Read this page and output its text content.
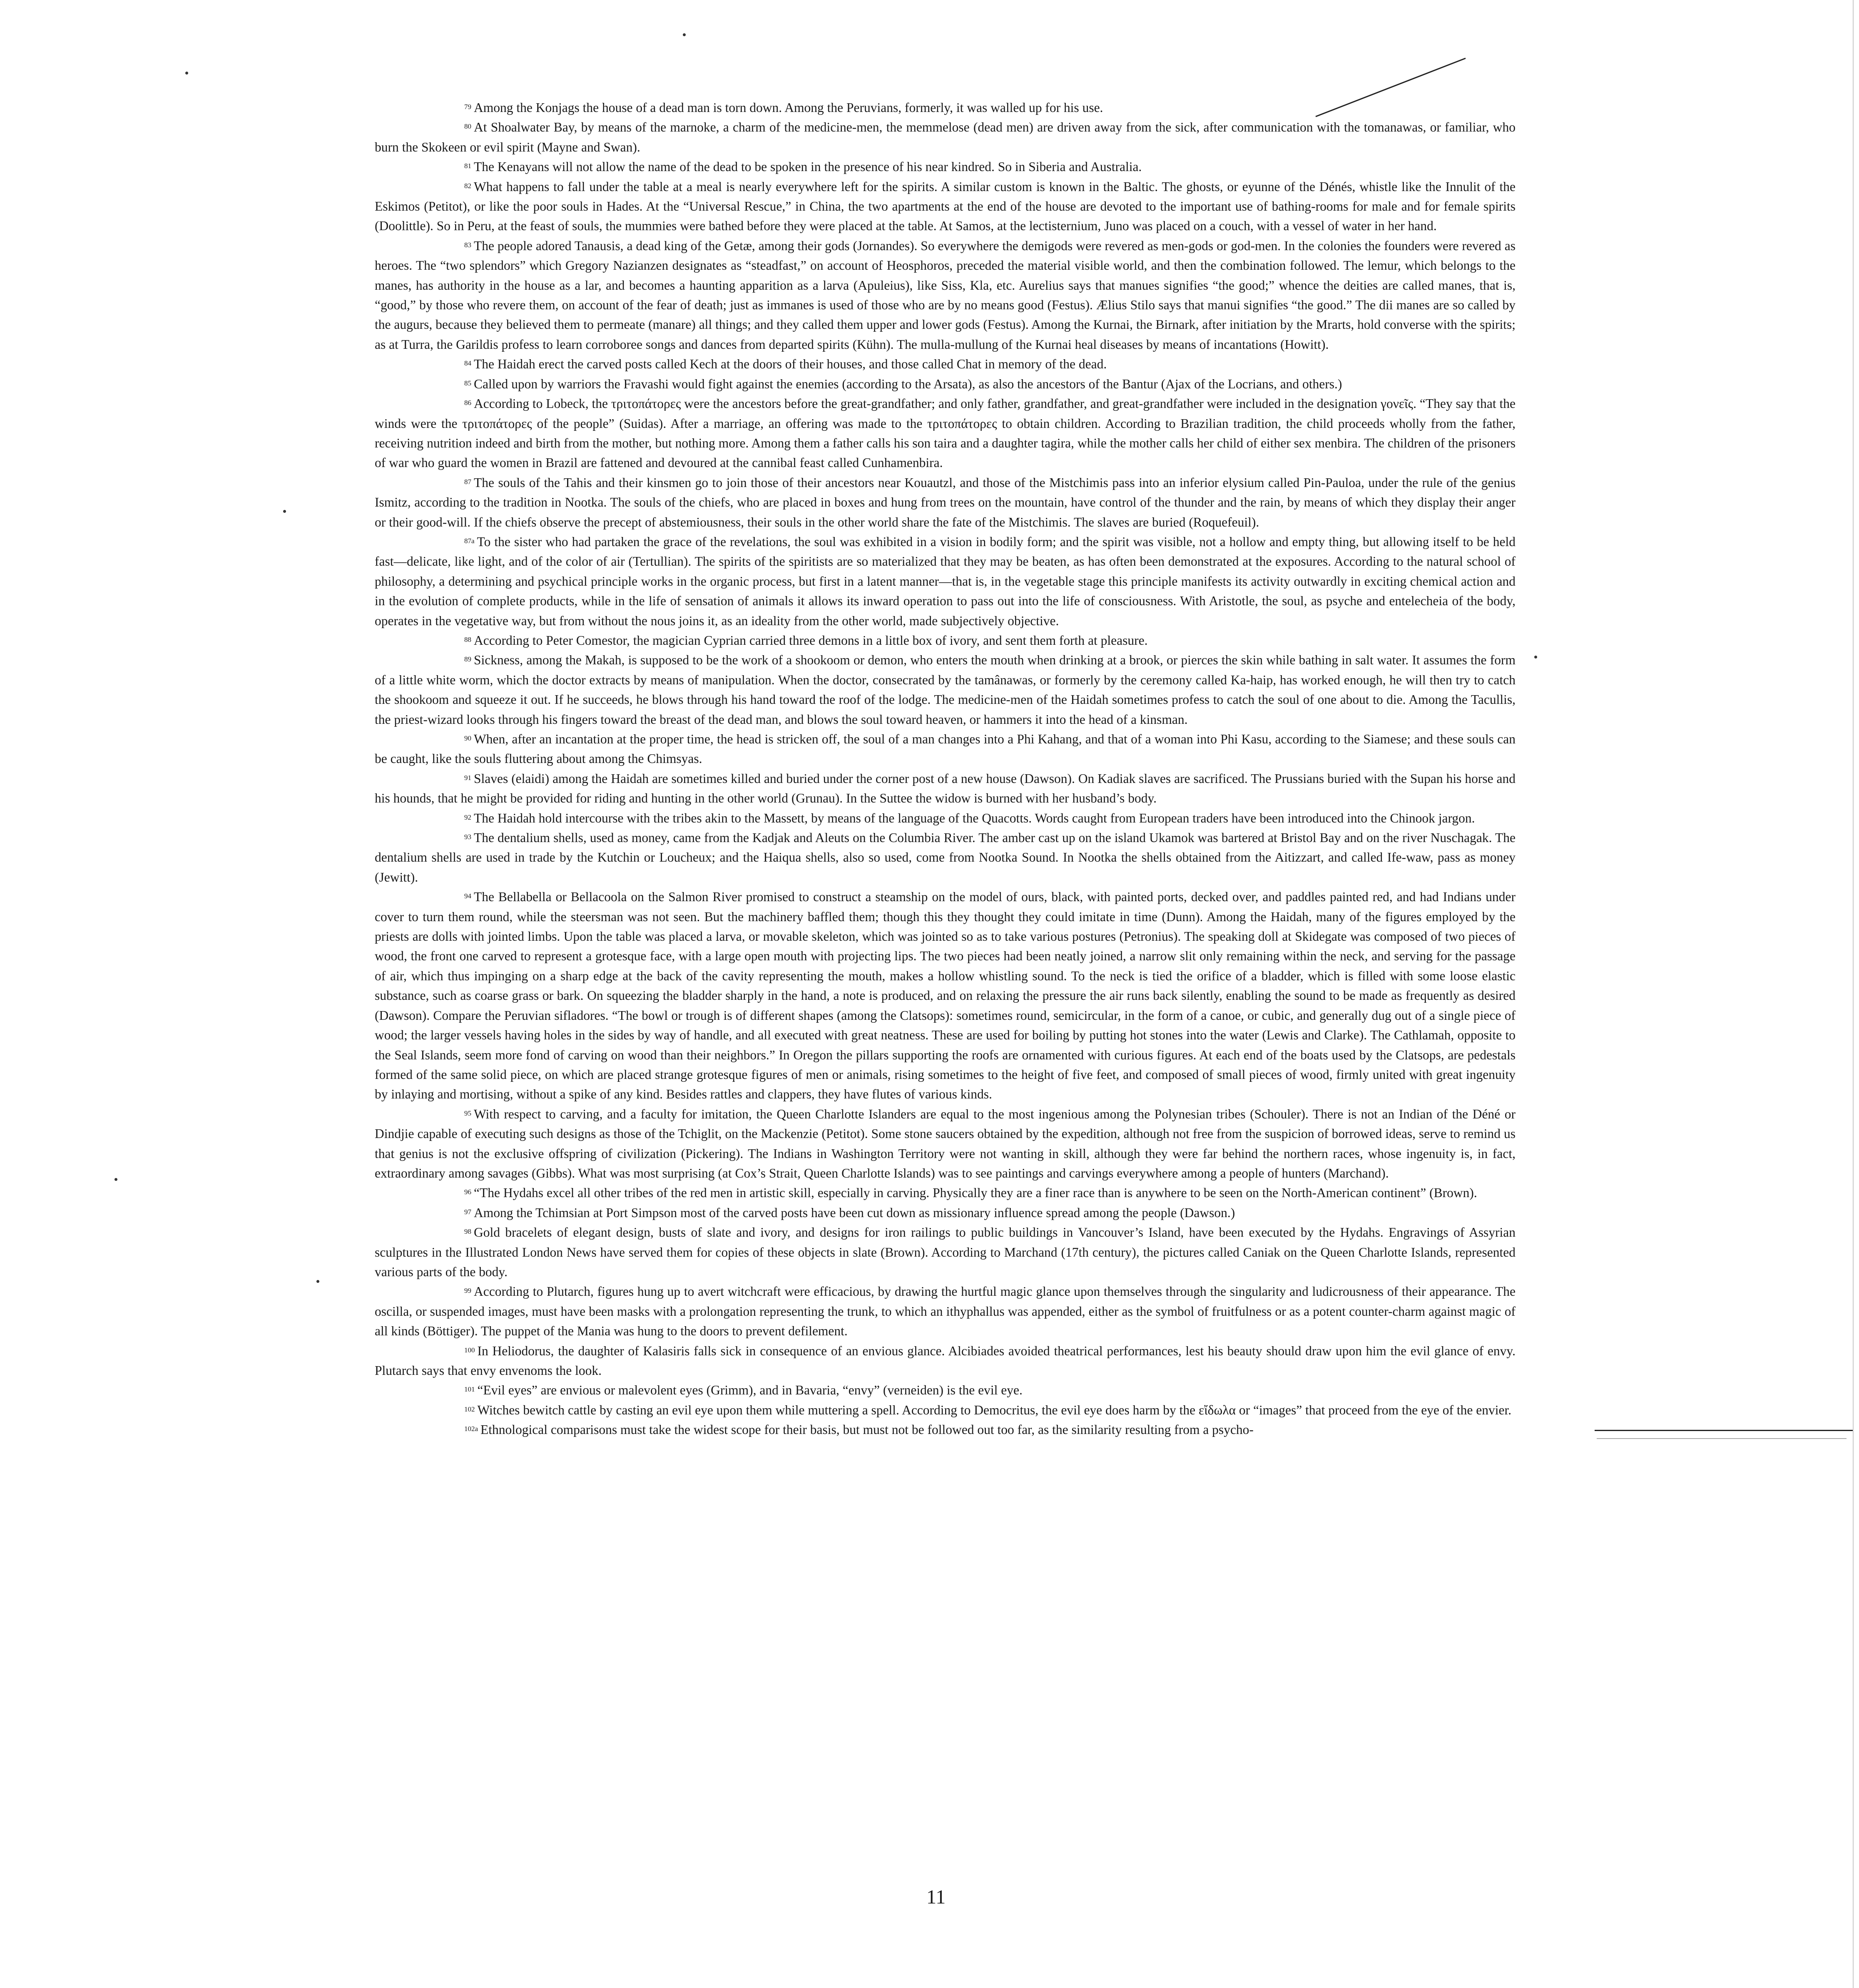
$^{79}$ Among the Konjags the house of a dead man is torn down. Among the Peruvians, formerly, it was walled up for his use.

$^{80}$ At Shoalwater Bay, by means of the marnoke, a charm of the medicine-men, the memmelose (dead men) are driven away from the sick, after communication with the tomanawas, or familiar, who burn the Skokeen or evil spirit (Mayne and Swan).

$^{81}$ The Kenayans will not allow the name of the dead to be spoken in the presence of his near kindred. So in Siberia and Australia.

$^{82}$ What happens to fall under the table at a meal is nearly everywhere left for the spirits. A similar custom is known in the Baltic. The ghosts, or eyunne of the Dénés, whistle like the Innulit of the Eskimos (Petitot), or like the poor souls in Hades. At the “Universal Rescue,” in China, the two apartments at the end of the house are devoted to the important use of bathing-rooms for male and for female spirits (Doolittle). So in Peru, at the feast of souls, the mummies were bathed before they were placed at the table. At Samos, at the lectisternium, Juno was placed on a couch, with a vessel of water in her hand.

$^{83}$ The people adored Tanausis, a dead king of the Getæ, among their gods (Jornandes). So everywhere the demigods were revered as men-gods or god-men. In the colonies the founders were revered as heroes. The “two splendors” which Gregory Nazianzen designates as “steadfast,” on account of Heosphoros, preceded the material visible world, and then the combination followed. The lemur, which belongs to the manes, has authority in the house as a lar, and becomes a haunting apparition as a larva (Apuleius), like Siss, Kla, etc. Aurelius says that manues signifies “the good;” whence the deities are called manes, that is, “good,” by those who revere them, on account of the fear of death; just as immanes is used of those who are by no means good (Festus). Ælius Stilo says that manui signifies “the good.” The dii manes are so called by the augurs, because they believed them to permeate (manare) all things; and they called them upper and lower gods (Festus). Among the Kurnai, the Birnark, after initiation by the Mrarts, hold converse with the spirits; as at Turra, the Garildis profess to learn corroboree songs and dances from departed spirits (Kühn). The mulla-mullung of the Kurnai heal diseases by means of incantations (Howitt).

$^{84}$ The Haidah erect the carved posts called Kech at the doors of their houses, and those called Chat in memory of the dead.

$^{85}$ Called upon by warriors the Fravashi would fight against the enemies (according to the Arsata), as also the ancestors of the Bantur (Ajax of the Locrians, and others.)

$^{86}$ According to Lobeck, the τριτοπάτορες were the ancestors before the great-grandfather; and only father, grandfather, and great-grandfather were included in the designation γονεῖς. “They say that the winds were the τριτοπάτορες of the people” (Suidas). After a marriage, an offering was made to the τριτοπάτορες to obtain children. According to Brazilian tradition, the child proceeds wholly from the father, receiving nutrition indeed and birth from the mother, but nothing more. Among them a father calls his son taira and a daughter tagira, while the mother calls her child of either sex menbira. The children of the prisoners of war who guard the women in Brazil are fattened and devoured at the cannibal feast called Cunhamenbira.

$^{87}$ The souls of the Tahis and their kinsmen go to join those of their ancestors near Kouautzl, and those of the Mistchimis pass into an inferior elysium called Pin-Pauloa, under the rule of the genius Ismitz, according to the tradition in Nootka. The souls of the chiefs, who are placed in boxes and hung from trees on the mountain, have control of the thunder and the rain, by means of which they display their anger or their good-will. If the chiefs observe the precept of abstemiousness, their souls in the other world share the fate of the Mistchimis. The slaves are buried (Roquefeuil).

$^{87a}$ To the sister who had partaken the grace of the revelations, the soul was exhibited in a vision in bodily form; and the spirit was visible, not a hollow and empty thing, but allowing itself to be held fast—delicate, like light, and of the color of air (Tertullian). The spirits of the spiritists are so materialized that they may be beaten, as has often been demonstrated at the exposures. According to the natural school of philosophy, a determining and psychical principle works in the organic process, but first in a latent manner—that is, in the vegetable stage this principle manifests its activity outwardly in exciting chemical action and in the evolution of complete products, while in the life of sensation of animals it allows its inward operation to pass out into the life of consciousness. With Aristotle, the soul, as psyche and entelecheia of the body, operates in the vegetative way, but from without the nous joins it, as an ideality from the other world, made subjectively objective.

$^{88}$ According to Peter Comestor, the magician Cyprian carried three demons in a little box of ivory, and sent them forth at pleasure.

$^{89}$ Sickness, among the Makah, is supposed to be the work of a shookoom or demon, who enters the mouth when drinking at a brook, or pierces the skin while bathing in salt water. It assumes the form of a little white worm, which the doctor extracts by means of manipulation. When the doctor, consecrated by the tamânawas, or formerly by the ceremony called Ka-haip, has worked enough, he will then try to catch the shookoom and squeeze it out. If he succeeds, he blows through his hand toward the roof of the lodge. The medicine-men of the Haidah sometimes profess to catch the soul of one about to die. Among the Tacullis, the priest-wizard looks through his fingers toward the breast of the dead man, and blows the soul toward heaven, or hammers it into the head of a kinsman.

$^{90}$ When, after an incantation at the proper time, the head is stricken off, the soul of a man changes into a Phi Kahang, and that of a woman into Phi Kasu, according to the Siamese; and these souls can be caught, like the souls fluttering about among the Chimsyas.

$^{91}$ Slaves (elaidi) among the Haidah are sometimes killed and buried under the corner post of a new house (Dawson). On Kadiak slaves are sacrificed. The Prussians buried with the Supan his horse and his hounds, that he might be provided for riding and hunting in the other world (Grunau). In the Suttee the widow is burned with her husband’s body.

$^{92}$ The Haidah hold intercourse with the tribes akin to the Massett, by means of the language of the Quacotts. Words caught from European traders have been introduced into the Chinook jargon.

$^{93}$ The dentalium shells, used as money, came from the Kadjak and Aleuts on the Columbia River. The amber cast up on the island Ukamok was bartered at Bristol Bay and on the river Nuschagak. The dentalium shells are used in trade by the Kutchin or Loucheux; and the Haiqua shells, also so used, come from Nootka Sound. In Nootka the shells obtained from the Aitizzart, and called Ife-waw, pass as money (Jewitt).

$^{94}$ The Bellabella or Bellacoola on the Salmon River promised to construct a steamship on the model of ours, black, with painted ports, decked over, and paddles painted red, and had Indians under cover to turn them round, while the steersman was not seen. But the machinery baffled them; though this they thought they could imitate in time (Dunn). Among the Haidah, many of the figures employed by the priests are dolls with jointed limbs. Upon the table was placed a larva, or movable skeleton, which was jointed so as to take various postures (Petronius). The speaking doll at Skidegate was composed of two pieces of wood, the front one carved to represent a grotesque face, with a large open mouth with projecting lips. The two pieces had been neatly joined, a narrow slit only remaining within the neck, and serving for the passage of air, which thus impinging on a sharp edge at the back of the cavity representing the mouth, makes a hollow whistling sound. To the neck is tied the orifice of a bladder, which is filled with some loose elastic substance, such as coarse grass or bark. On squeezing the bladder sharply in the hand, a note is produced, and on relaxing the pressure the air runs back silently, enabling the sound to be made as frequently as desired (Dawson). Compare the Peruvian sifladores. “The bowl or trough is of different shapes (among the Clatsops): sometimes round, semicircular, in the form of a canoe, or cubic, and generally dug out of a single piece of wood; the larger vessels having holes in the sides by way of handle, and all executed with great neatness. These are used for boiling by putting hot stones into the water (Lewis and Clarke). The Cathlamah, opposite to the Seal Islands, seem more fond of carving on wood than their neighbors.” In Oregon the pillars supporting the roofs are ornamented with curious figures. At each end of the boats used by the Clatsops, are pedestals formed of the same solid piece, on which are placed strange grotesque figures of men or animals, rising sometimes to the height of five feet, and composed of small pieces of wood, firmly united with great ingenuity by inlaying and mortising, without a spike of any kind. Besides rattles and clappers, they have flutes of various kinds.

$^{95}$ With respect to carving, and a faculty for imitation, the Queen Charlotte Islanders are equal to the most ingenious among the Polynesian tribes (Schouler). There is not an Indian of the Déné or Dindjie capable of executing such designs as those of the Tchiglit, on the Mackenzie (Petitot). Some stone saucers obtained by the expedition, although not free from the suspicion of borrowed ideas, serve to remind us that genius is not the exclusive offspring of civilization (Pickering). The Indians in Washington Territory were not wanting in skill, although they were far behind the northern races, whose ingenuity is, in fact, extraordinary among savages (Gibbs). What was most surprising (at Cox’s Strait, Queen Charlotte Islands) was to see paintings and carvings everywhere among a people of hunters (Marchand).

$^{96}$ “The Hydahs excel all other tribes of the red men in artistic skill, especially in carving. Physically they are a finer race than is anywhere to be seen on the North-American continent” (Brown).

$^{97}$ Among the Tchimsian at Port Simpson most of the carved posts have been cut down as missionary influence spread among the people (Dawson.)

$^{98}$ Gold bracelets of elegant design, busts of slate and ivory, and designs for iron railings to public buildings in Vancouver’s Island, have been executed by the Hydahs. Engravings of Assyrian sculptures in the Illustrated London News have served them for copies of these objects in slate (Brown). According to Marchand (17th century), the pictures called Caniak on the Queen Charlotte Islands, represented various parts of the body.

$^{99}$ According to Plutarch, figures hung up to avert witchcraft were efficacious, by drawing the hurtful magic glance upon themselves through the singularity and ludicrousness of their appearance. The oscilla, or suspended images, must have been masks with a prolongation representing the trunk, to which an ithyphallus was appended, either as the symbol of fruitfulness or as a potent counter-charm against magic of all kinds (Böttiger). The puppet of the Mania was hung to the doors to prevent defilement.

$^{100}$ In Heliodorus, the daughter of Kalasiris falls sick in consequence of an envious glance. Alcibiades avoided theatrical performances, lest his beauty should draw upon him the evil glance of envy. Plutarch says that envy envenoms the look.

$^{101}$ “Evil eyes” are envious or malevolent eyes (Grimm), and in Bavaria, “envy” (verneiden) is the evil eye.

$^{102}$ Witches bewitch cattle by casting an evil eye upon them while muttering a spell. According to Democritus, the evil eye does harm by the εἴδωλα or “images” that proceed from the eye of the envier.

$^{102a}$ Ethnological comparisons must take the widest scope for their basis, but must not be followed out too far, as the similarity resulting from a psycho-

11
